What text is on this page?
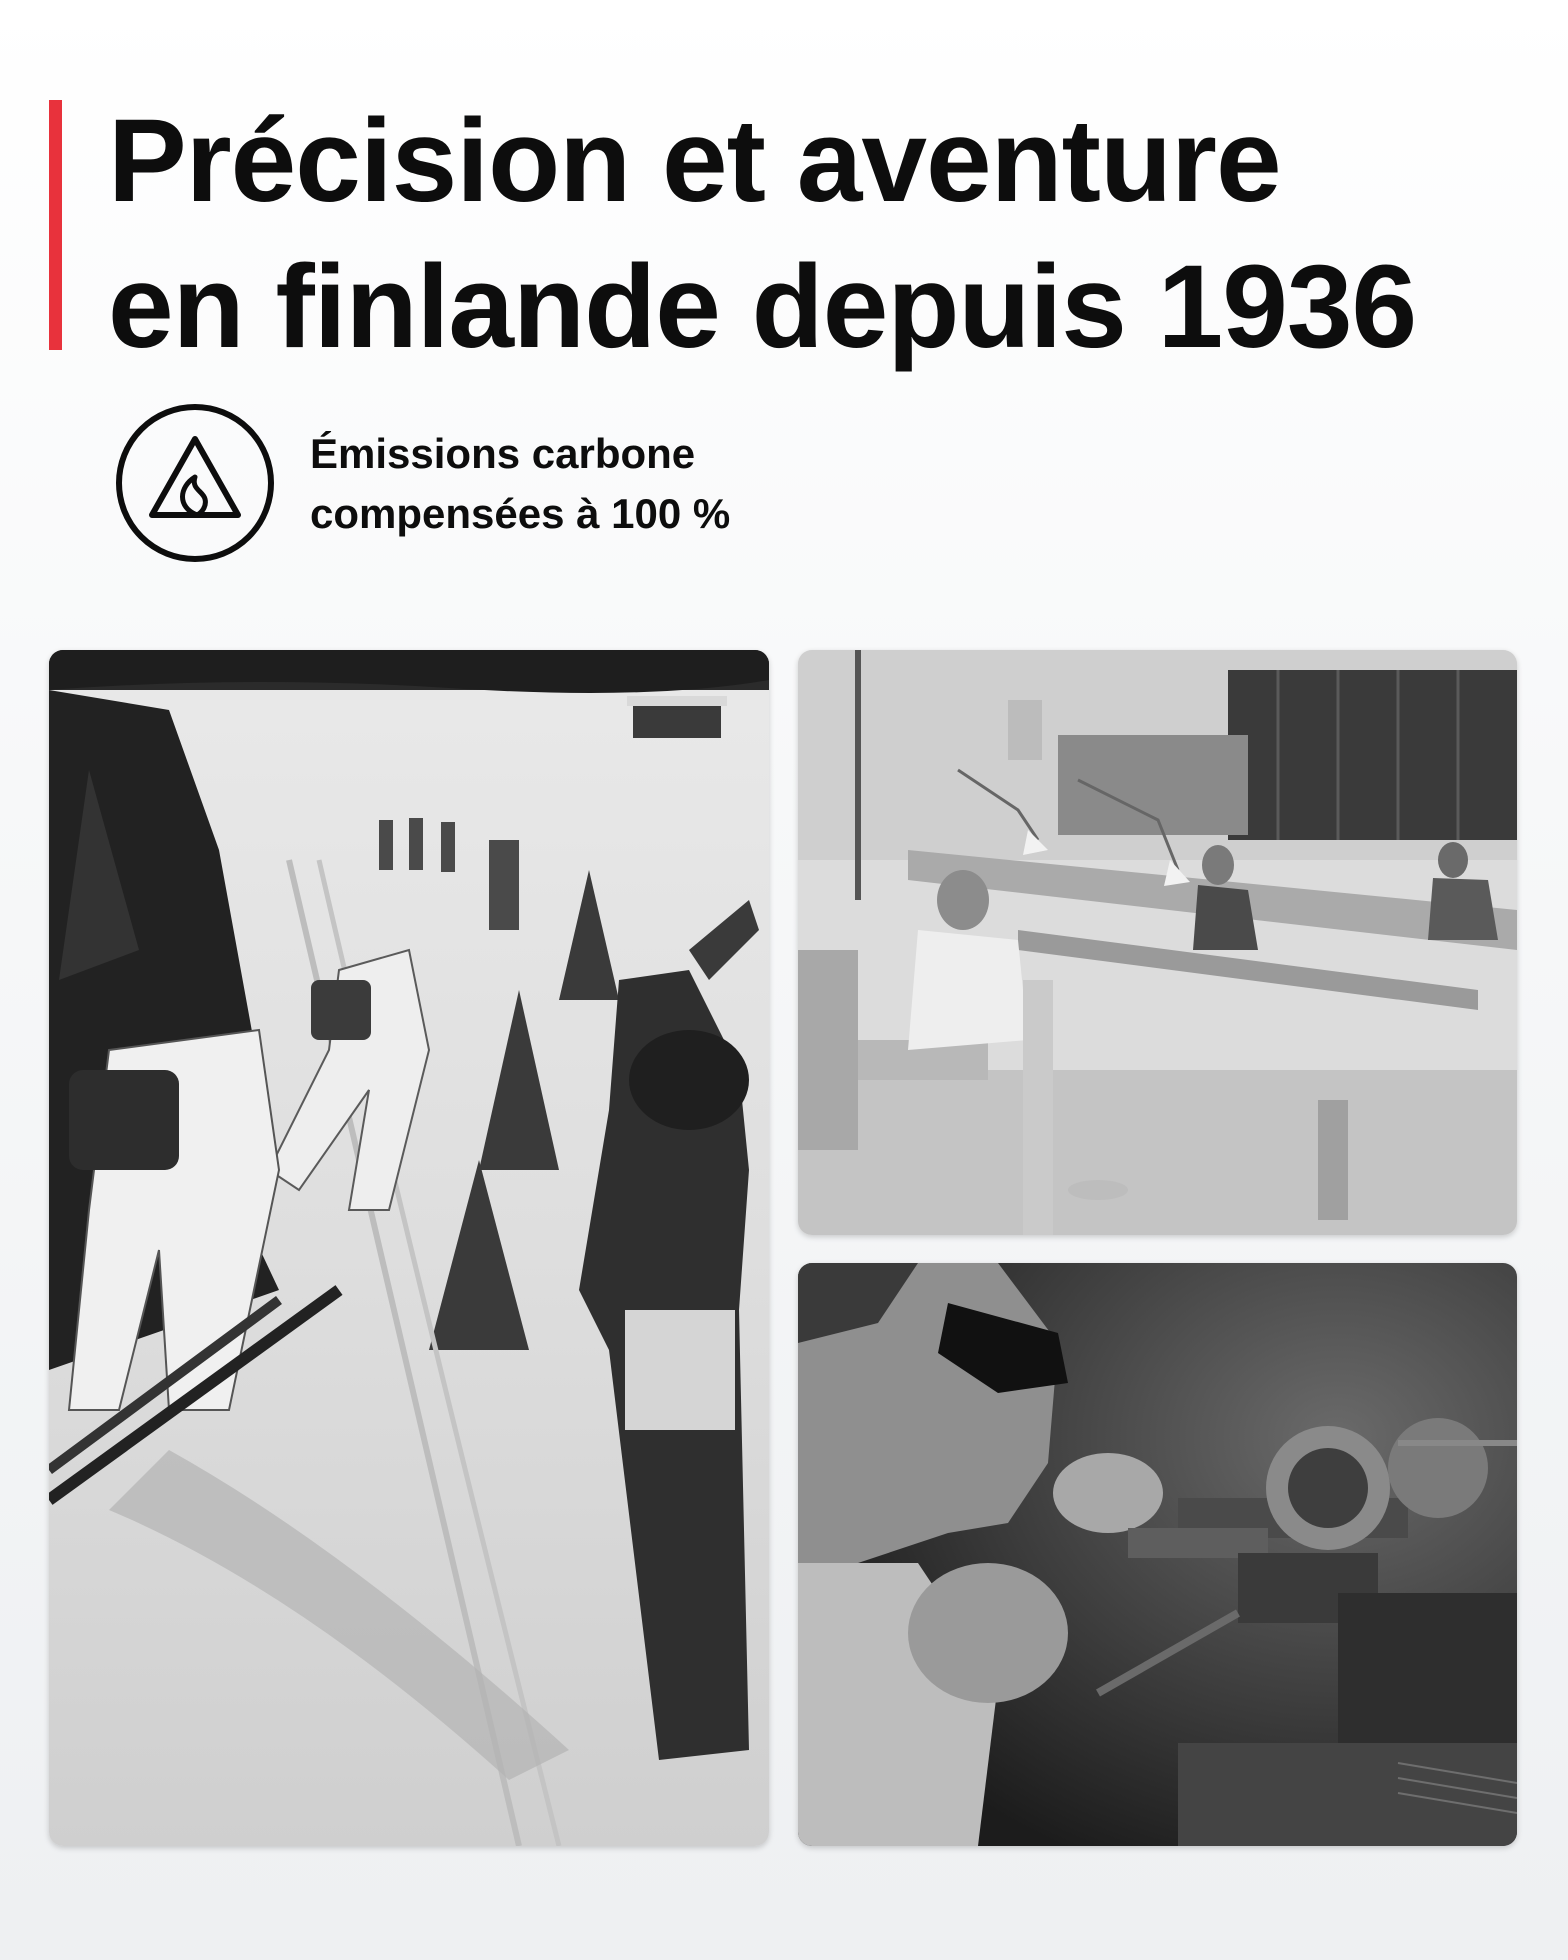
Précision et aventure
en finlande depuis 1936
Émissions carbone
compensées à 100 %
